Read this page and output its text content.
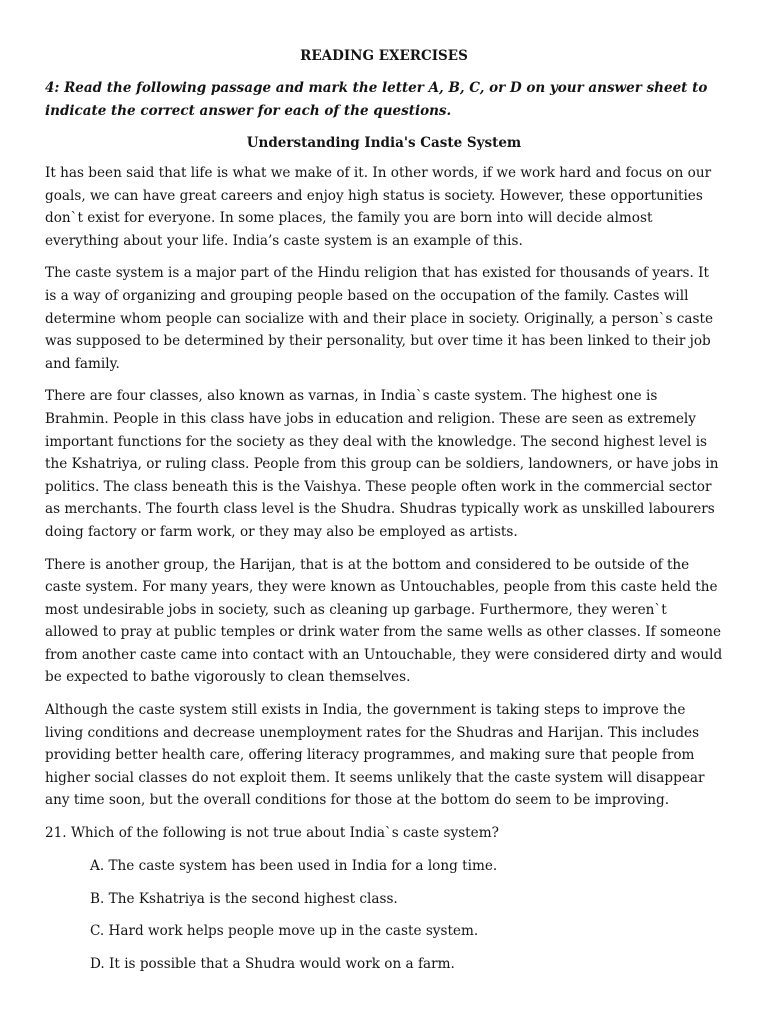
READING EXERCISES
4: Read the following passage and mark the letter A, B, C, or D on your answer sheet to indicate the correct answer for each of the questions.
Understanding India's Caste System

It has been said that life is what we make of it. In other words, if we work hard and focus on our goals, we can have great careers and enjoy high status is society. However, these opportunities don`t exist for everyone. In some places, the family you are born into will decide almost everything about your life. India’s caste system is an example of this.

The caste system is a major part of the Hindu religion that has existed for thousands of years. It is a way of organizing and grouping people based on the occupation of the family. Castes will determine whom people can socialize with and their place in society. Originally, a person`s caste was supposed to be determined by their personality, but over time it has been linked to their job and family.

There are four classes, also known as varnas, in India`s caste system. The highest one is Brahmin. People in this class have jobs in education and religion. These are seen as extremely important functions for the society as they deal with the knowledge. The second highest level is the Kshatriya, or ruling class. People from this group can be soldiers, landowners, or have jobs in politics. The class beneath this is the Vaishya. These people often work in the commercial sector as merchants. The fourth class level is the Shudra. Shudras typically work as unskilled labourers doing factory or farm work, or they may also be employed as artists.

There is another group, the Harijan, that is at the bottom and considered to be outside of the caste system. For many years, they were known as Untouchables, people from this caste held the most undesirable jobs in society, such as cleaning up garbage. Furthermore, they weren`t allowed to pray at public temples or drink water from the same wells as other classes. If someone from another caste came into contact with an Untouchable, they were considered dirty and would be expected to bathe vigorously to clean themselves.

Although the caste system still exists in India, the government is taking steps to improve the living conditions and decrease unemployment rates for the Shudras and Harijan. This includes providing better health care, offering literacy programmes, and making sure that people from higher social classes do not exploit them. It seems unlikely that the caste system will disappear any time soon, but the overall conditions for those at the bottom do seem to be improving.

21. Which of the following is not true about India`s caste system?
A. The caste system has been used in India for a long time.
B. The Kshatriya is the second highest class.
C. Hard work helps people move up in the caste system.
D. It is possible that a Shudra would work on a farm.
